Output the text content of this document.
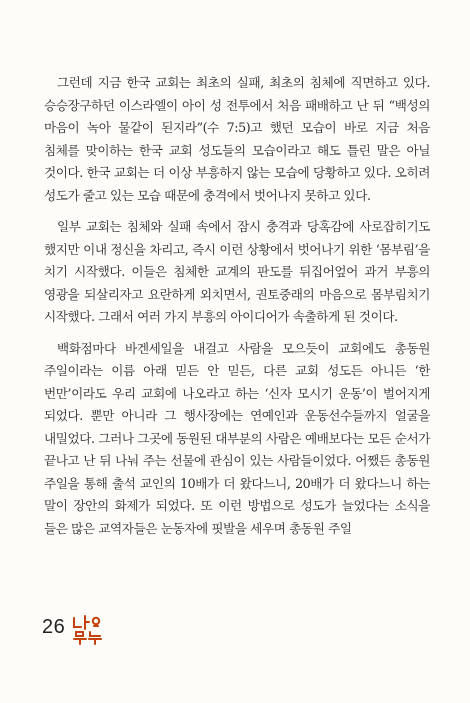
그런데 지금 한국 교회는 최초의 실패, 최초의 침체에 직면하고 있다. 승승장구하던 이스라엘이 아이 성 전투에서 처음 패배하고 난 뒤 “백성의 마음이 녹아 물같이 된지라”(수 7:5)고 했던 모습이 바로 지금 처음 침체를 맞이하는 한국 교회 성도들의 모습이라고 해도 틀린 말은 아닐 것이다. 한국 교회는 더 이상 부흥하지 않는 모습에 당황하고 있다. 오히려 성도가 줄고 있는 모습 때문에 충격에서 벗어나지 못하고 있다.

일부 교회는 침체와 실패 속에서 잠시 충격과 당혹감에 사로잡히기도 했지만 이내 정신을 차리고, 즉시 이런 상황에서 벗어나기 위한 ‘몸부림’을 치기 시작했다. 이들은 침체한 교계의 판도를 뒤집어엎어 과거 부흥의 영광을 되살리자고 요란하게 외치면서, 권토중래의 마음으로 몸부림치기 시작했다. 그래서 여러 가지 부흥의 아이디어가 속출하게 된 것이다.

백화점마다 바겐세일을 내걸고 사람을 모으듯이 교회에도 총동원 주일이라는 이름 아래 믿든 안 믿든, 다른 교회 성도든 아니든 ‘한 번만’이라도 우리 교회에 나오라고 하는 ‘신자 모시기 운동’이 벌어지게 되었다. 뿐만 아니라 그 행사장에는 연예인과 운동선수들까지 얼굴을 내밀었다. 그러나 그곳에 동원된 대부분의 사람은 예배보다는 모든 순서가 끝나고 난 뒤 나눠 주는 선물에 관심이 있는 사람들이었다. 어쨌든 총동원 주일을 통해 출석 교인의 10배가 더 왔다느니, 20배가 더 왔다느니 하는 말이 장안의 화제가 되었다. 또 이런 방법으로 성도가 늘었다는 소식을 들은 많은 교역자들은 눈동자에 핏발을 세우며 총동원 주일

26
